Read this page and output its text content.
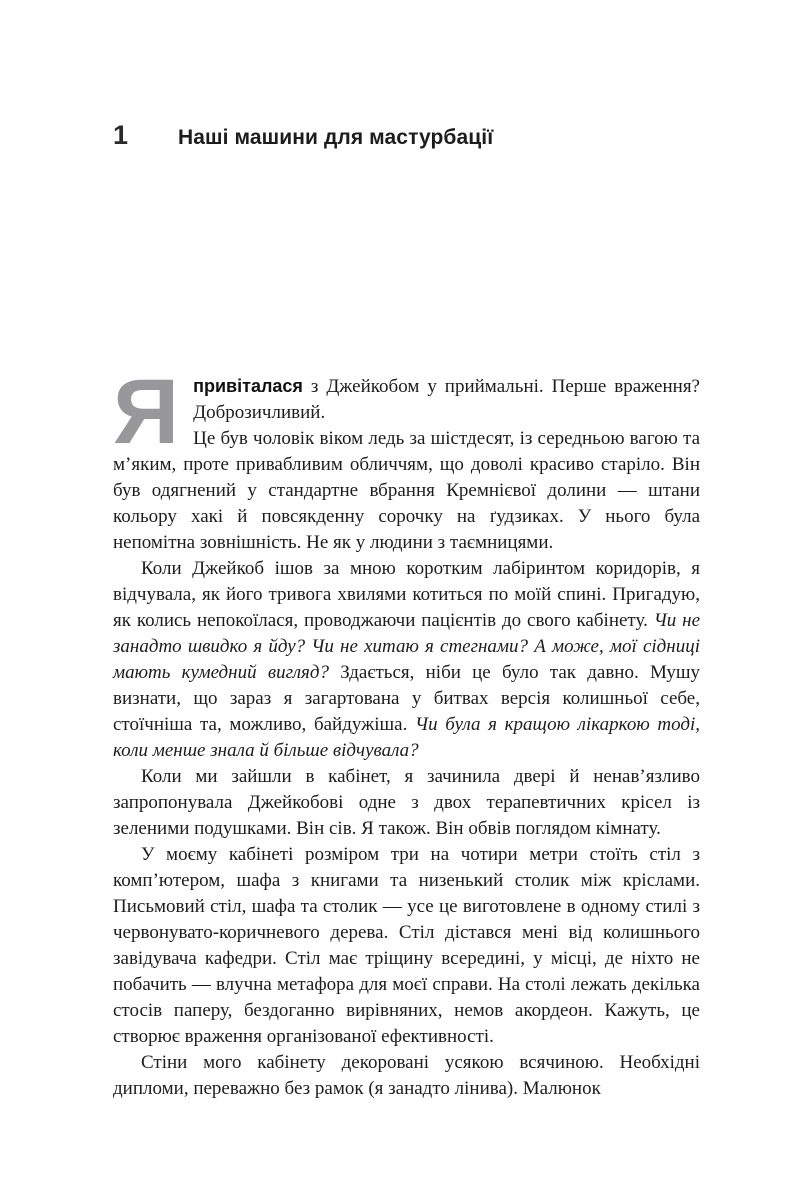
1	Наші машини для мастурбації
Я привіталася з Джейкобом у приймальні. Перше враження? Доброзичливий.

Це був чоловік віком ледь за шістдесят, із середньою вагою та м’яким, проте привабливим обличчям, що доволі красиво старіло. Він був одягнений у стандартне вбрання Кремнієвої долини — штани кольору хакі й повсякденну сорочку на ґудзиках. У нього була непомітна зовнішність. Не як у людини з таємницями.

Коли Джейкоб ішов за мною коротким лабіринтом коридорів, я відчувала, як його тривога хвилями котиться по моїй спині. Пригадую, як колись непокоїлася, проводжаючи пацієнтів до свого кабінету. Чи не занадто швидко я йду? Чи не хитаю я стегнами? А може, мої сідниці мають кумедний вигляд? Здається, ніби це було так давно. Мушу визнати, що зараз я загартована у битвах версія колишньої себе, стоїчніша та, можливо, байдужіша. Чи була я кращою лікаркою тоді, коли менше знала й більше відчувала?

Коли ми зайшли в кабінет, я зачинила двері й ненав’язливо запропонувала Джейкобові одне з двох терапевтичних крісел із зеленими подушками. Він сів. Я також. Він обвів поглядом кімнату.

У моєму кабінеті розміром три на чотири метри стоїть стіл з комп’ютером, шафа з книгами та низенький столик між кріслами. Письмовий стіл, шафа та столик — усе це виготовлене в одному стилі з червонувато-коричневого дерева. Стіл дістався мені від колишнього завідувача кафедри. Стіл має тріщину всередині, у місці, де ніхто не побачить — влучна метафора для моєї справи. На столі лежать декілька стосів паперу, бездоганно вирівняних, немов акордеон. Кажуть, це створює враження організованої ефективності.

Стіни мого кабінету декоровані усякою всячиною. Необхідні дипломи, переважно без рамок (я занадто лінива). Малюнок
